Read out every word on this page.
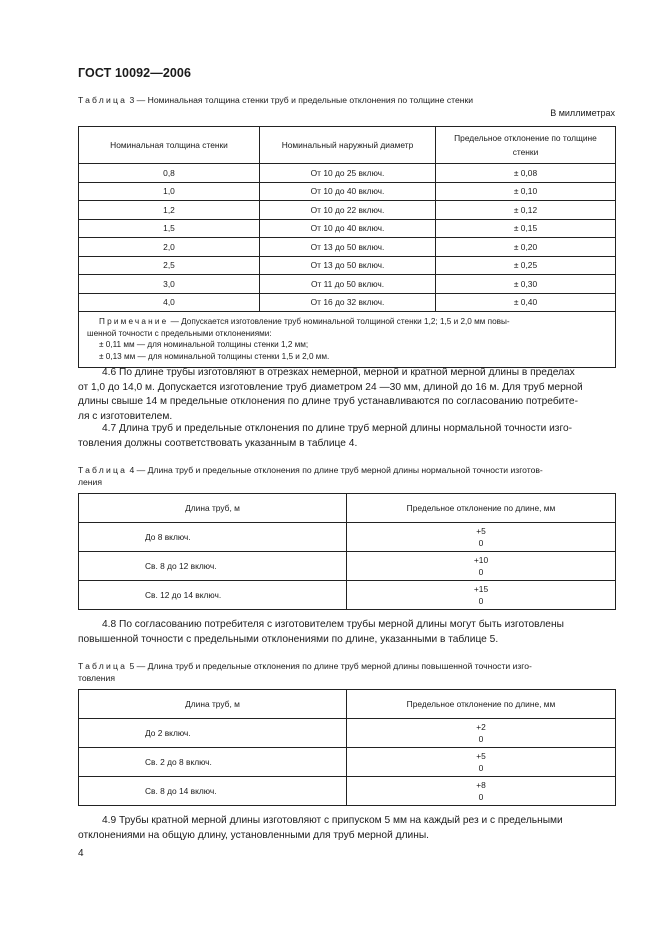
ГОСТ 10092—2006
Таблица 3 — Номинальная толщина стенки труб и предельные отклонения по толщине стенки
В миллиметрах
Номинальная толщина стенки	Номинальный наружный диаметр	Предельное отклонение по толщине стенки
0,8	От 10 до 25 включ.	± 0,08
1,0	От 10 до 40 включ.	± 0,10
1,2	От 10 до 22 включ.	± 0,12
1,5	От 10 до 40 включ.	± 0,15
2,0	От 13 до 50 включ.	± 0,20
2,5	От 13 до 50 включ.	± 0,25
3,0	От 11 до 50 включ.	± 0,30
4,0	От 16 до 32 включ.	± 0,40

Примечание — Допускается изготовление труб номинальной толщиной стенки 1,2; 1,5 и 2,0 мм повы-
шенной точности с предельными отклонениями:
± 0,11 мм — для номинальной толщины стенки 1,2 мм;
± 0,13 мм — для номинальной толщины стенки 1,5 и 2,0 мм.		
4.6 По длине трубы изготовляют в отрезках немерной, мерной и кратной мерной длины в пределах
от 1,0 до 14,0 м. Допускается изготовление труб диаметром 24 —30 мм, длиной до 16 м. Для труб мерной
длины свыше 14 м предельные отклонения по длине труб устанавливаются по согласованию потребите-
ля с изготовителем.
4.7 Длина труб и предельные отклонения по длине труб мерной длины нормальной точности изго-
товления должны соответствовать указанным в таблице 4.
Таблица 4 — Длина труб и предельные отклонения по длине труб мерной длины нормальной точности изготов-
ления
Длина труб, м	Предельное отклонение по длине, мм
До 8 включ.	+5
0

Св. 8 до 12 включ.	+10
0

Св. 12 до 14 включ.	+15
0
4.8 По согласованию потребителя с изготовителем трубы мерной длины могут быть изготовлены
повышенной точности с предельными отклонениями по длине, указанными в таблице 5.
Таблица 5 — Длина труб и предельные отклонения по длине труб мерной длины повышенной точности изго-
товления
Длина труб, м	Предельное отклонение по длине, мм
До 2 включ.	+2
0

Св. 2 до 8 включ.	+5
0

Св. 8 до 14 включ.	+8
0
4.9 Трубы кратной мерной длины изготовляют с припуском 5 мм на каждый рез и с предельными
отклонениями на общую длину, установленными для труб мерной длины.
4
